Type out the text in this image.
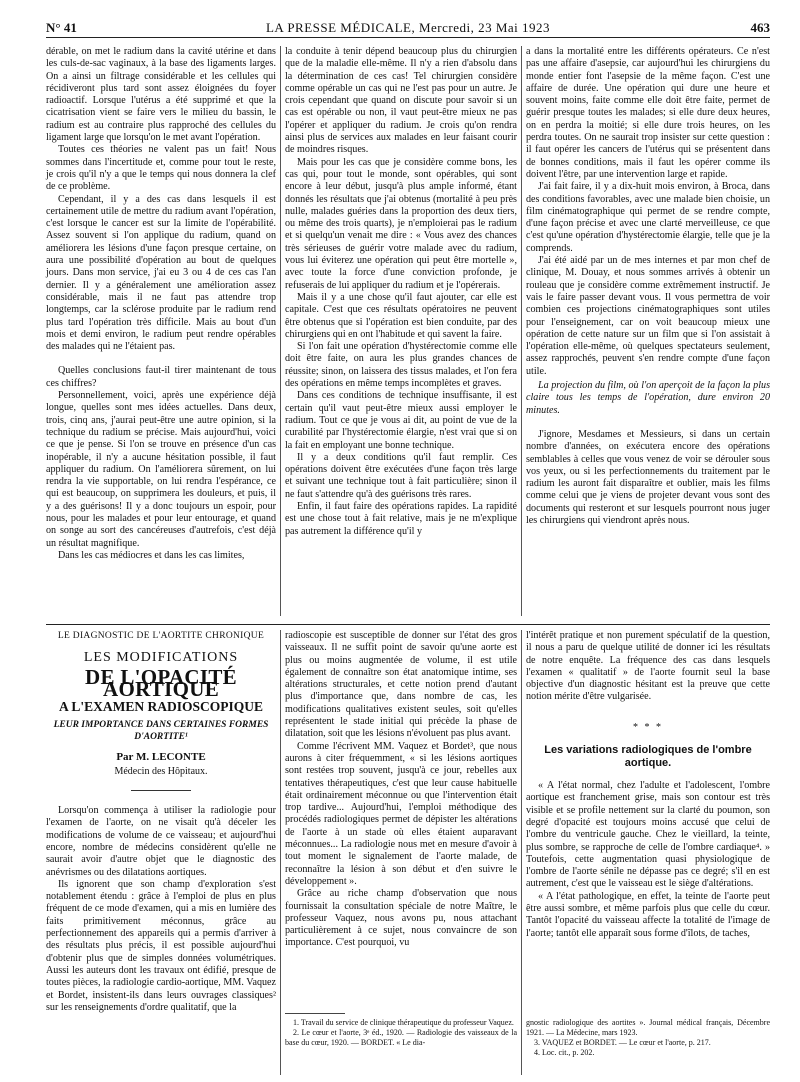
N° 41	LA PRESSE MÉDICALE, Mercredi, 23 Mai 1923	463

dérable, on met le radium dans la cavité utérine et dans les culs-de-sac vaginaux, à la base des ligaments larges. On a ainsi un filtrage considérable et les cellules qui récidiveront plus tard sont assez éloignées du foyer radioactif. Lorsque l'utérus a été supprimé et que la cicatrisation vient se faire vers le milieu du bassin, le radium est au contraire plus rapproché des cellules du ligament large que lorsqu'on le met avant l'opération.

Toutes ces théories ne valent pas un fait! Nous sommes dans l'incertitude et, comme pour tout le reste, je crois qu'il n'y a que le temps qui nous donnera la clef de ce problème.

Cependant, il y a des cas dans lesquels il est certainement utile de mettre du radium avant l'opération, c'est lorsque le cancer est sur la limite de l'opérabilité. Assez souvent si l'on applique du radium, quand on améliorera les lésions d'une façon presque certaine, on aura une possibilité d'opération au bout de quelques jours. Dans mon service, j'ai eu 3 ou 4 de ces cas l'an dernier. Il y a généralement une amélioration assez considérable, mais il ne faut pas attendre trop longtemps, car la sclérose produite par le radium rend plus tard l'opération très difficile. Mais au bout d'un mois et demi environ, le radium peut rendre opérables des malades qui ne l'étaient pas.

Quelles conclusions faut-il tirer maintenant de tous ces chiffres?

Personnellement, voici, après une expérience déjà longue, quelles sont mes idées actuelles. Dans deux, trois, cinq ans, j'aurai peut-être une autre opinion, si la technique du radium se précise. Mais aujourd'hui, voici ce que je pense. Si l'on se trouve en présence d'un cas inopérable, il n'y a aucune hésitation possible, il faut appliquer du radium. On l'améliorera sûrement, on lui rendra la vie supportable, on lui rendra l'espérance, ce qui est beaucoup, on supprimera les douleurs, et puis, il y a des guérisons! Il y a donc toujours un espoir, pour nous, pour les malades et pour leur entourage, et quand on songe au sort des cancéreuses d'autrefois, c'est déjà un résultat magnifique.

Dans les cas médiocres et dans les cas limites,

la conduite à tenir dépend beaucoup plus du chirurgien que de la maladie elle-même. Il n'y a rien d'absolu dans la détermination de ces cas! Tel chirurgien considère comme opérable un cas qui ne l'est pas pour un autre. Je crois cependant que quand on discute pour savoir si un cas est opérable ou non, il vaut peut-être mieux ne pas l'opérer et appliquer du radium. Je crois qu'on rendra ainsi plus de services aux malades en leur faisant courir de moindres risques.

Mais pour les cas que je considère comme bons, les cas qui, pour tout le monde, sont opérables, qui sont encore à leur début, jusqu'à plus ample informé, étant donnés les résultats que j'ai obtenus (mortalité à peu près nulle, malades guéries dans la proportion des deux tiers, ou même des trois quarts), je n'emploierai pas le radium et si quelqu'un venait me dire : « Vous avez des chances très sérieuses de guérir votre malade avec du radium, vous lui éviterez une opération qui peut être mortelle », avec toute la force d'une conviction profonde, je refuserais de lui appliquer du radium et je l'opérerais.

Mais il y a une chose qu'il faut ajouter, car elle est capitale. C'est que ces résultats opératoires ne peuvent être obtenus que si l'opération est bien conduite, par des chirurgiens qui en ont l'habitude et qui savent la faire.

Si l'on fait une opération d'hystérectomie comme elle doit être faite, on aura les plus grandes chances de réussite; sinon, on laissera des tissus malades, et l'on fera des opérations en même temps incomplètes et graves.

Dans ces conditions de technique insuffisante, il est certain qu'il vaut peut-être mieux aussi employer le radium. Tout ce que je vous ai dit, au point de vue de la curabilité par l'hystérectomie élargie, n'est vrai que si on la fait en employant une bonne technique.

Il y a deux conditions qu'il faut remplir. Ces opérations doivent être exécutées d'une façon très large et suivant une technique tout à fait particulière; sinon il ne faut s'attendre qu'à des guérisons très rares.

Enfin, il faut faire des opérations rapides. La rapidité est une chose tout à fait relative, mais je ne m'explique pas autrement la différence qu'il y

a dans la mortalité entre les différents opérateurs. Ce n'est pas une affaire d'asepsie, car aujourd'hui les chirurgiens du monde entier font l'asepsie de la même façon. C'est une affaire de durée. Une opération qui dure une heure et souvent moins, faite comme elle doit être faite, permet de guérir presque toutes les malades; si elle dure deux heures, on en perdra la moitié; si elle dure trois heures, on les perdra toutes. On ne saurait trop insister sur cette question : il faut opérer les cancers de l'utérus qui se présentent dans de bonnes conditions, mais il faut les opérer comme ils doivent l'être, par une intervention large et rapide.

J'ai fait faire, il y a dix-huit mois environ, à Broca, dans des conditions favorables, avec une malade bien choisie, un film cinématographique qui permet de se rendre compte, d'une façon précise et avec une clarté merveilleuse, ce que c'est qu'une opération d'hystérectomie élargie, telle que je la comprends.

J'ai été aidé par un de mes internes et par mon chef de clinique, M. Douay, et nous sommes arrivés à obtenir un rouleau que je considère comme extrêmement instructif. Je vais le faire passer devant vous. Il vous permettra de voir combien ces projections cinématographiques sont utiles pour l'enseignement, car on voit beaucoup mieux une opération de cette nature sur un film que si l'on assistait à l'opération elle-même, où quelques spectateurs seulement, assez rapprochés, peuvent s'en rendre compte d'une façon utile.

La projection du film, où l'on aperçoit de la façon la plus claire tous les temps de l'opération, dure environ 20 minutes.

J'ignore, Mesdames et Messieurs, si dans un certain nombre d'années, on exécutera encore des opérations semblables à celles que vous venez de voir se dérouler sous vos yeux, ou si les perfectionnements du traitement par le radium les auront fait disparaître et oublier, mais les films comme celui que je viens de projeter devant vous sont des documents qui resteront et sur lesquels pourront nous juger les chirurgiens qui viendront après nous.

LE DIAGNOSTIC DE L'AORTITE CHRONIQUE
LES MODIFICATIONS
DE L'OPACITÉ AORTIQUE
A L'EXAMEN RADIOSCOPIQUE
LEUR IMPORTANCE DANS CERTAINES FORMES D'AORTITE¹
Par M. LECONTE
Médecin des Hôpitaux.

Lorsqu'on commença à utiliser la radiologie pour l'examen de l'aorte, on ne visait qu'à déceler les modifications de volume de ce vaisseau; et aujourd'hui encore, nombre de médecins considèrent qu'elle ne saurait avoir d'autre objet que le diagnostic des anévrismes ou des dilatations aortiques.

Ils ignorent que son champ d'exploration s'est notablement étendu : grâce à l'emploi de plus en plus fréquent de ce mode d'examen, qui a mis en lumière des faits primitivement méconnus, grâce au perfectionnement des appareils qui a permis d'arriver à des résultats plus précis, il est possible aujourd'hui d'obtenir plus que de simples données volumétriques. Aussi les auteurs dont les travaux ont édifié, presque de toutes pièces, la radiologie cardio-aortique, MM. Vaquez et Bordet, insistent-ils dans leurs ouvrages classiques² sur les renseignements d'ordre qualitatif, que la

radioscopie est susceptible de donner sur l'état des gros vaisseaux. Il ne suffit point de savoir qu'une aorte est plus ou moins augmentée de volume, il est utile également de connaître son état anatomique intime, ses altérations structurales, et cette notion prend d'autant plus d'importance que, dans nombre de cas, les modifications qualitatives existent seules, soit qu'elles représentent le stade initial qui précède la phase de dilatation, soit que les lésions n'évoluent pas plus avant.

Comme l'écrivent MM. Vaquez et Bordet³, que nous aurons à citer fréquemment, « si les lésions aortiques sont restées trop souvent, jusqu'à ce jour, rebelles aux tentatives thérapeutiques, c'est que leur cause habituelle était ordinairement méconnue ou que l'intervention était trop tardive... Aujourd'hui, l'emploi méthodique des procédés radiologiques permet de dépister les altérations de l'aorte à un stade où elles étaient auparavant méconnues... La radiologie nous met en mesure d'avoir à tout moment le signalement de l'aorte malade, de reconnaître la lésion à son début et d'en suivre le développement ».

Grâce au riche champ d'observation que nous fournissait la consultation spéciale de notre Maître, le professeur Vaquez, nous avons pu, nous attachant particulièrement à ce sujet, nous convaincre de son importance. C'est pourquoi, vu

l'intérêt pratique et non purement spéculatif de la question, il nous a paru de quelque utilité de donner ici les résultats de notre enquête. La fréquence des cas dans lesquels l'examen « qualitatif » de l'aorte fournit seul la base objective d'un diagnostic hésitant est la preuve que cette notion mérite d'être vulgarisée.

* * *
Les variations radiologiques de l'ombre aortique.

« A l'état normal, chez l'adulte et l'adolescent, l'ombre aortique est franchement grise, mais son contour est très visible et se profile nettement sur la clarté du poumon, son degré d'opacité est toujours moins accusé que celui de l'ombre du ventricule gauche. Chez le vieillard, la teinte, plus sombre, se rapproche de celle de l'ombre cardiaque⁴. » Toutefois, cette augmentation quasi physiologique de l'ombre de l'aorte sénile ne dépasse pas ce degré; s'il en est autrement, c'est que le vaisseau est le siège d'altérations.

« A l'état pathologique, en effet, la teinte de l'aorte peut être aussi sombre, et même parfois plus que celle du cœur. Tantôt l'opacité du vaisseau affecte la totalité de l'image de l'aorte; tantôt elle apparaît sous forme d'îlots, de taches,

1. Travail du service de clinique thérapeutique du professeur Vaquez.

2. Le cœur et l'aorte, 3ᵉ éd., 1920. — Radiologie des vaisseaux de la base du cœur, 1920. — BORDET. « Le dia-

gnostic radiologique des aortites ». Journal médical français, Décembre 1921. — La Médecine, mars 1923.

3. VAQUEZ et BORDET. — Le cœur et l'aorte, p. 217.

4. Loc. cit., p. 202.
